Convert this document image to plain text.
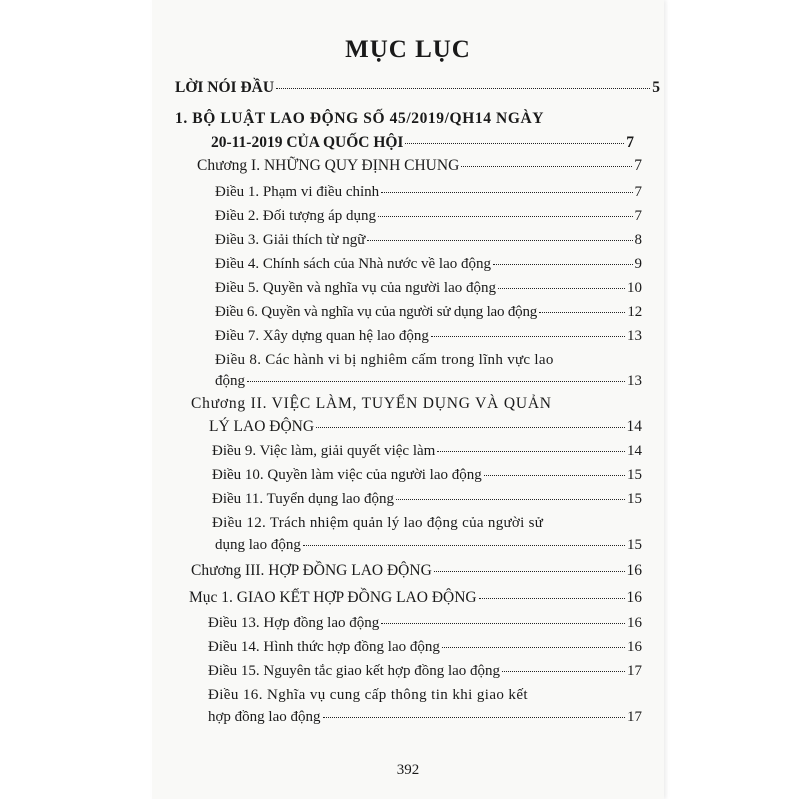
MỤC LỤC
LỜI NÓI ĐẦU	5
1. BỘ LUẬT LAO ĐỘNG SỐ 45/2019/QH14 NGÀY
20-11-2019 CỦA QUỐC HỘI	7
Chương I. NHỮNG QUY ĐỊNH CHUNG	7
Điều 1. Phạm vi điều chỉnh	7
Điều 2. Đối tượng áp dụng	7
Điều 3. Giải thích từ ngữ	8
Điều 4. Chính sách của Nhà nước về lao động	9
Điều 5. Quyền và nghĩa vụ của người lao động	10
Điều 6. Quyền và nghĩa vụ của người sử dụng lao động	12
Điều 7. Xây dựng quan hệ lao động	13
Điều 8. Các hành vi bị nghiêm cấm trong lĩnh vực lao
động	13
Chương II. VIỆC LÀM, TUYỂN DỤNG VÀ QUẢN
LÝ LAO ĐỘNG	14
Điều 9. Việc làm, giải quyết việc làm	14
Điều 10. Quyền làm việc của người lao động	15
Điều 11. Tuyển dụng lao động	15
Điều 12. Trách nhiệm quản lý lao động của người sử
dụng lao động	15
Chương III. HỢP ĐỒNG LAO ĐỘNG	16
Mục 1. GIAO KẾT HỢP ĐỒNG LAO ĐỘNG	16
Điều 13. Hợp đồng lao động	16
Điều 14. Hình thức hợp đồng lao động	16
Điều 15. Nguyên tắc giao kết hợp đồng lao động	17
Điều 16. Nghĩa vụ cung cấp thông tin khi giao kết
hợp đồng lao động	17
392
